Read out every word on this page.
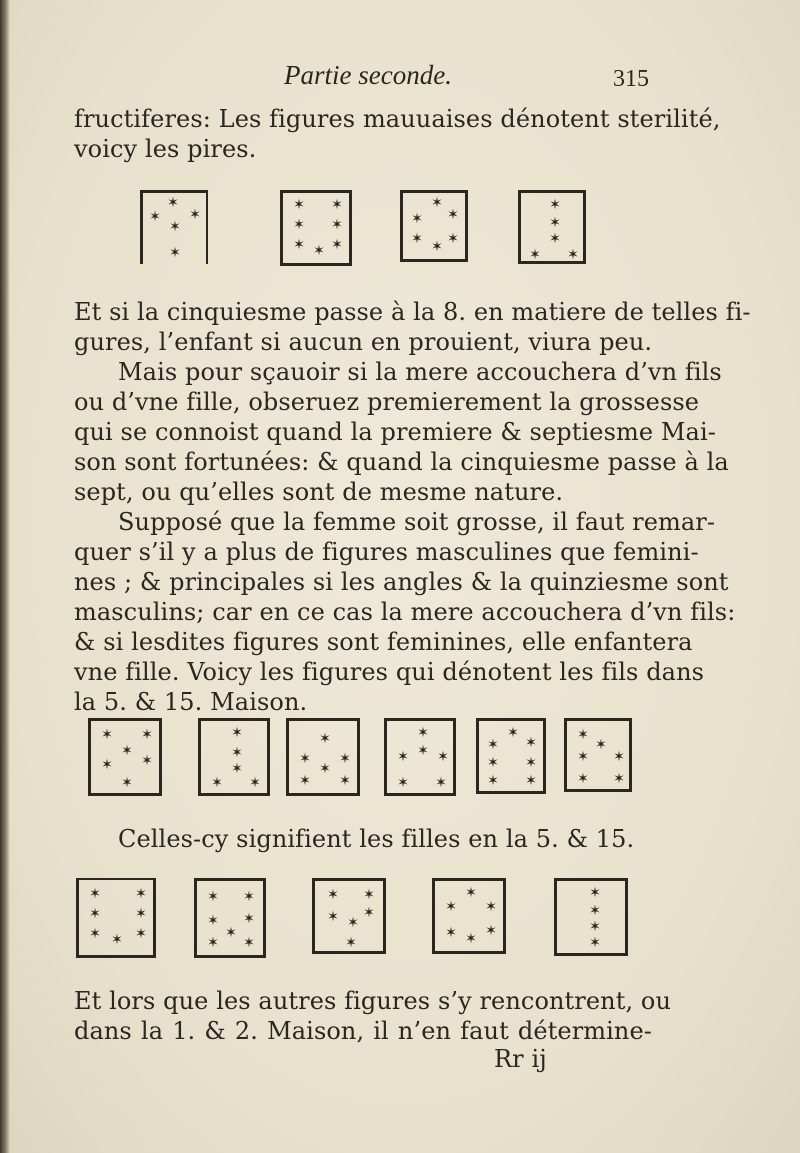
Partie seconde.	315
fructiferes: Les figures mauuaises dénotent sterilité,
voicy les pires.
✶
✶
✶
✶
✶
✶ ✶
✶ ✶
✶ ✶ ✶
✶
✶ ✶
✶ ✶ ✶
✶
✶
✶
✶ ✶
Et si la cinquiesme passe à la 8. en matiere de telles fi-
gures, l’enfant si aucun en prouient, viura peu.
Mais pour sçauoir si la mere accouchera d’vn fils
ou d’vne fille, obseruez premierement la grossesse
qui se connoist quand la premiere & septiesme Mai-
son sont fortunées: & quand la cinquiesme passe à la
sept, ou qu’elles sont de mesme nature.
Supposé que la femme soit grosse, il faut remar-
quer s’il y a plus de figures masculines que femini-
nes ; & principales si les angles & la quinziesme sont
masculins; car en ce cas la mere accouchera d’vn fils:
& si lesdites figures sont feminines, elle enfantera
vne fille. Voicy les figures qui dénotent les fils dans
la 5. & 15. Maison.
✶ ✶
✶
✶ ✶
✶
✶
✶
✶
✶ ✶
✶
✶ ✶
✶
✶ ✶
✶
✶ ✶ ✶
✶ ✶
✶
✶ ✶
✶ ✶
✶ ✶
✶
✶
✶ ✶
✶ ✶
Celles-cy signifient les filles en la 5. & 15.
✶ ✶
✶ ✶
✶ ✶ ✶
✶ ✶
✶ ✶
✶
✶ ✶
✶ ✶
✶ ✶
✶
✶
✶
✶ ✶
✶ ✶ ✶
✶
✶
✶
✶
Et lors que les autres figures s’y rencontrent, ou
dans la 1. & 2. Maison, il n’en faut détermine-
Rr ij
